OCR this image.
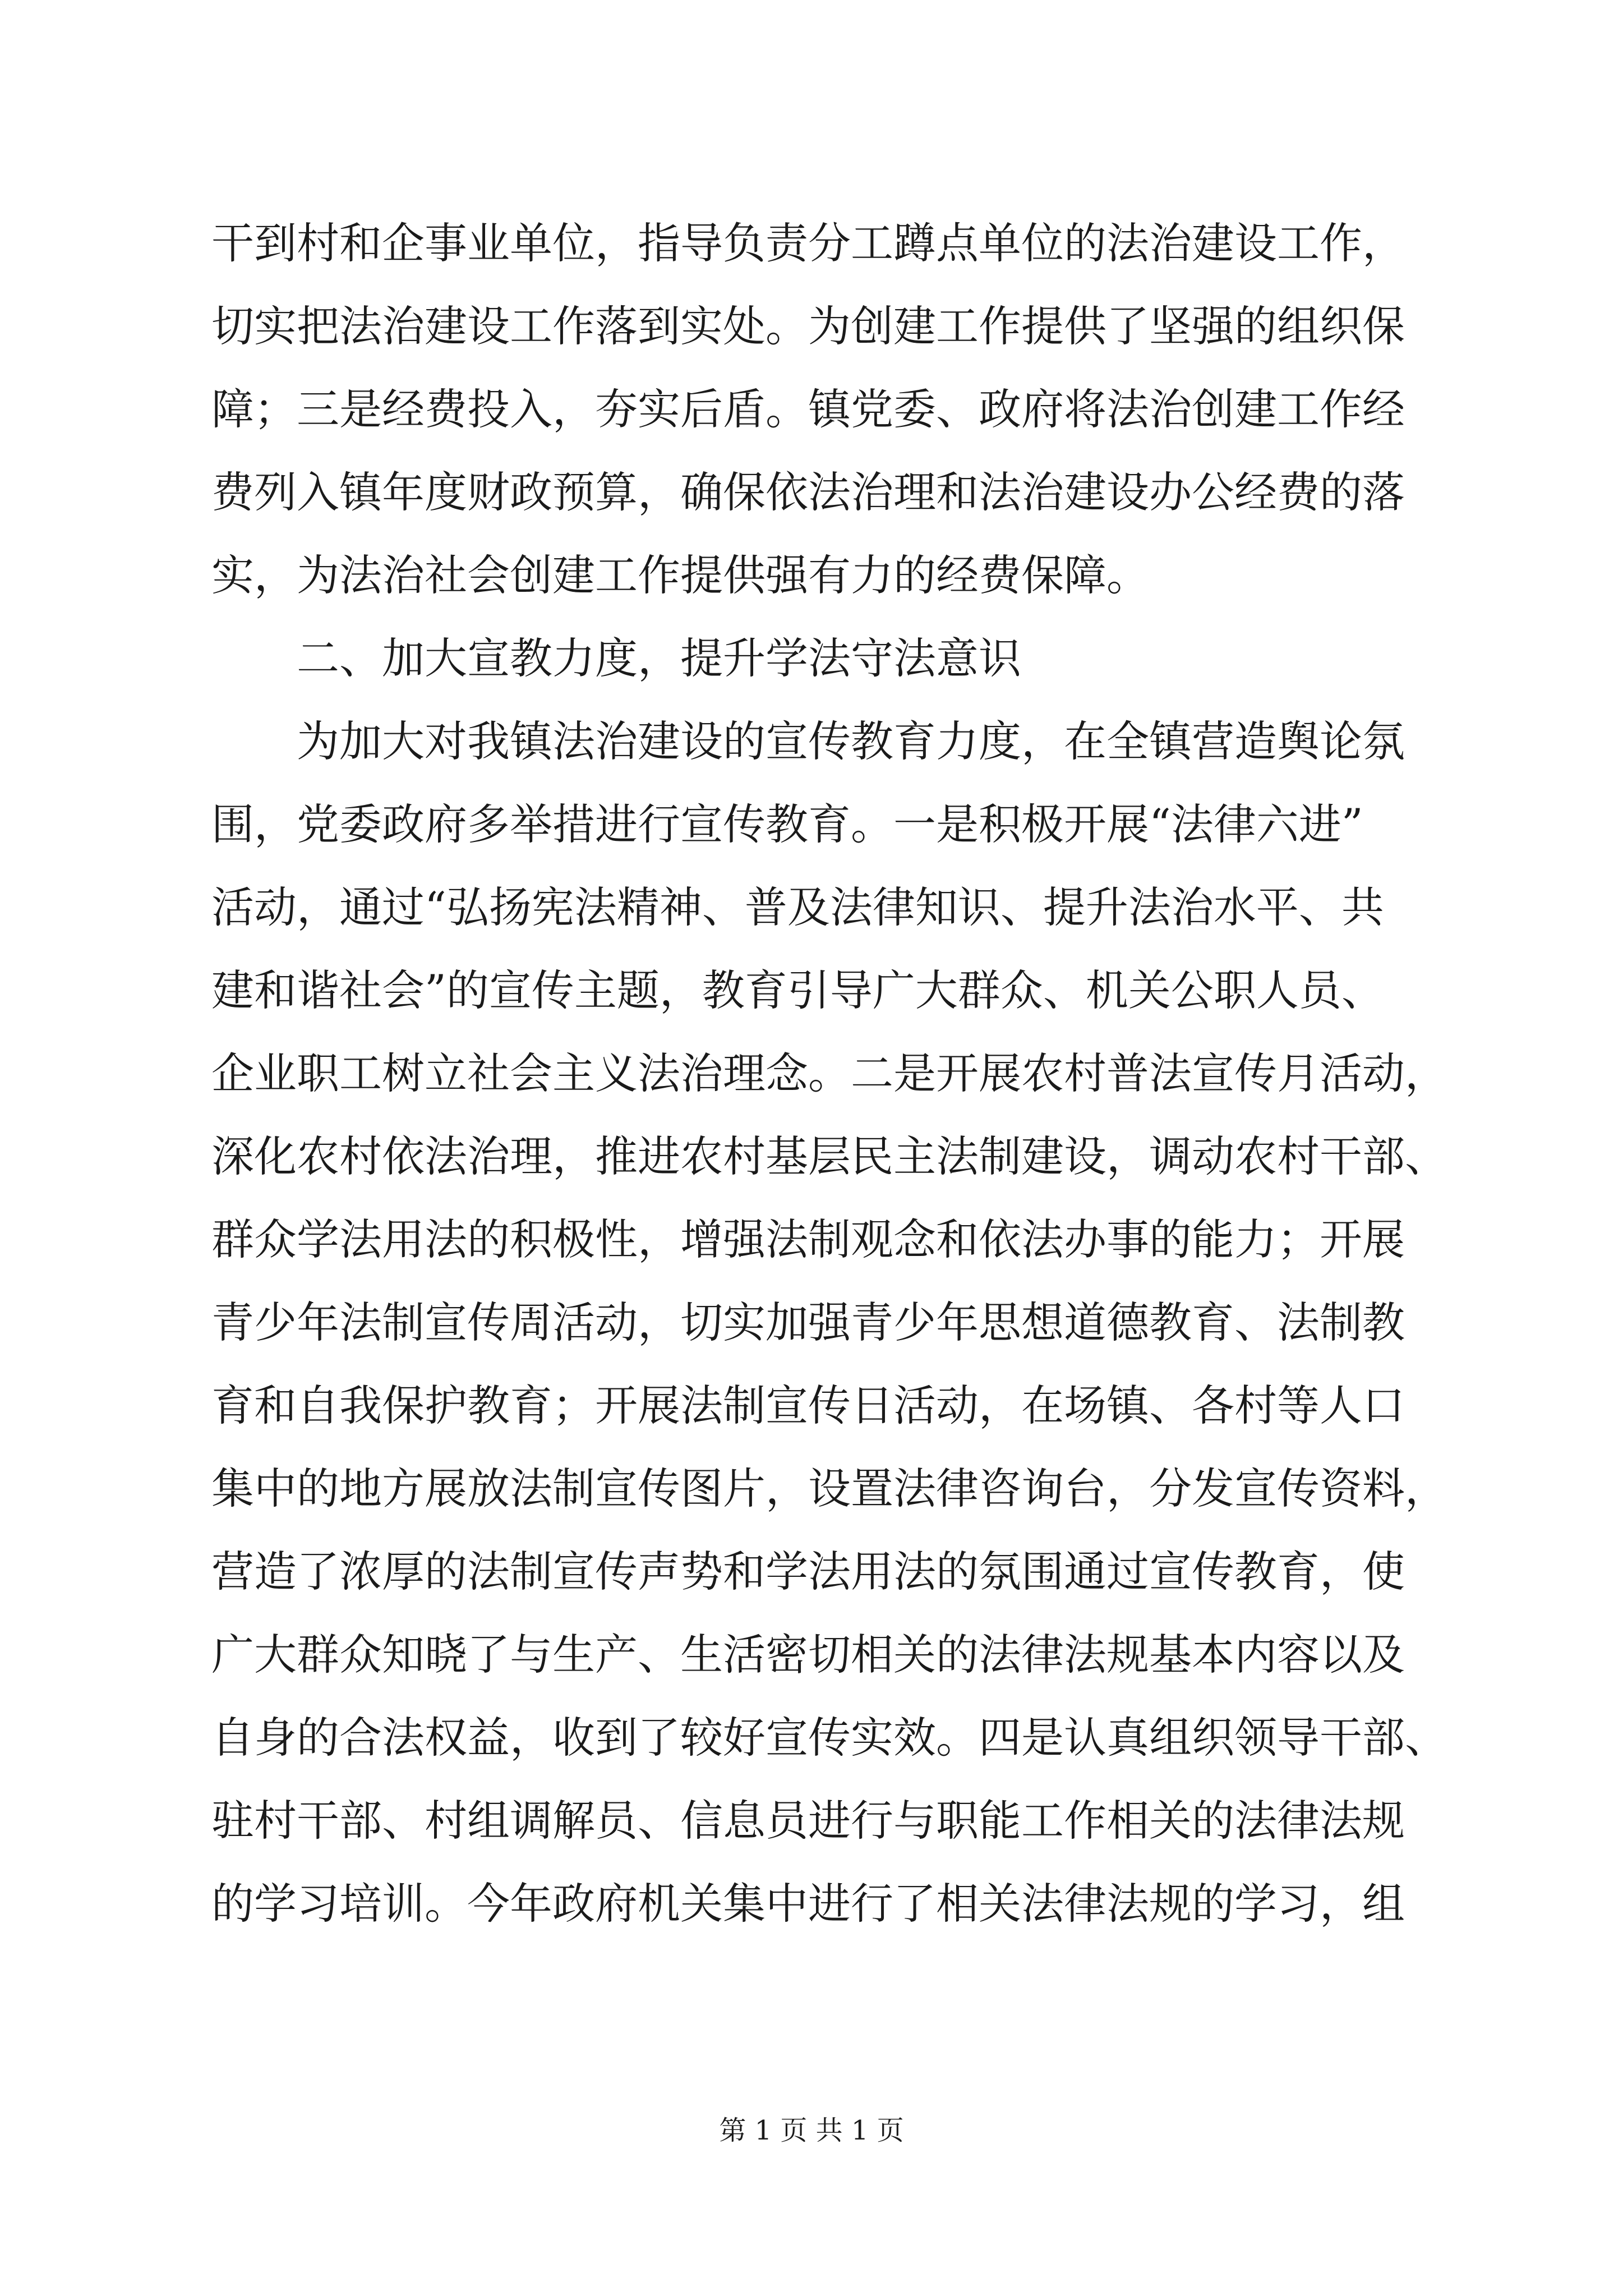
干到村和企事业单位，指导负责分工蹲点单位的法治建设工作，
切实把法治建设工作落到实处。为创建工作提供了坚强的组织保
障；三是经费投入，夯实后盾。镇党委、政府将法治创建工作经
费列入镇年度财政预算，确保依法治理和法治建设办公经费的落
实，为法治社会创建工作提供强有力的经费保障。
二、加大宣教力度，提升学法守法意识
为加大对我镇法治建设的宣传教育力度，在全镇营造舆论氛
围，党委政府多举措进行宣传教育。一是积极开展“法律六进”
活动，通过“弘扬宪法精神、普及法律知识、提升法治水平、共
建和谐社会”的宣传主题，教育引导广大群众、机关公职人员、
企业职工树立社会主义法治理念。二是开展农村普法宣传月活动，
深化农村依法治理，推进农村基层民主法制建设，调动农村干部、
群众学法用法的积极性，增强法制观念和依法办事的能力；开展
青少年法制宣传周活动，切实加强青少年思想道德教育、法制教
育和自我保护教育；开展法制宣传日活动，在场镇、各村等人口
集中的地方展放法制宣传图片，设置法律咨询台，分发宣传资料，
营造了浓厚的法制宣传声势和学法用法的氛围通过宣传教育，使
广大群众知晓了与生产、生活密切相关的法律法规基本内容以及
自身的合法权益，收到了较好宣传实效。四是认真组织领导干部、
驻村干部、村组调解员、信息员进行与职能工作相关的法律法规
的学习培训。今年政府机关集中进行了相关法律法规的学习，组
第 1 页 共 1 页
